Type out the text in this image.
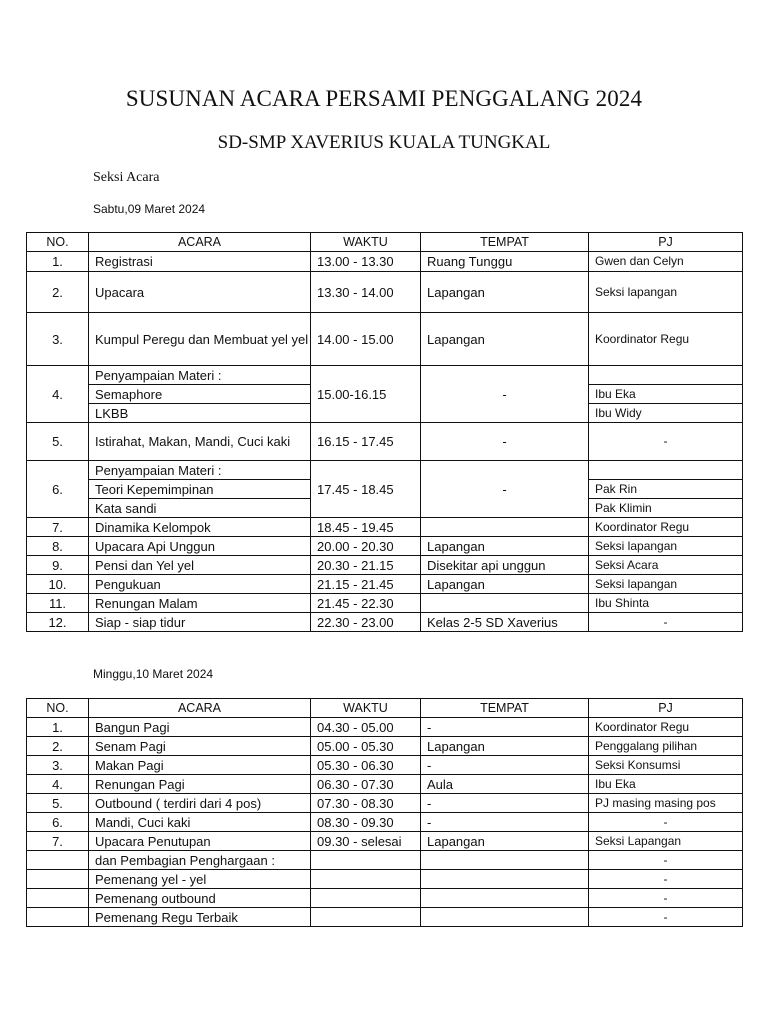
SUSUNAN ACARA PERSAMI PENGGALANG 2024
SD-SMP XAVERIUS KUALA TUNGKAL
Seksi Acara
Sabtu,09 Maret 2024
NO.	ACARA	WAKTU	TEMPAT	PJ
1.	Registrasi	13.00 - 13.30	Ruang Tunggu	Gwen dan Celyn
2.	Upacara	13.30 - 14.00	Lapangan	Seksi lapangan
3.	Kumpul Peregu dan Membuat yel yel	14.00 - 15.00	Lapangan	Koordinator Regu
4.	Penyampaian Materi :	15.00-16.15	-	
	Semaphore			Ibu Eka
	LKBB			Ibu Widy
5.	Istirahat, Makan, Mandi, Cuci kaki	16.15 - 17.45	-	-
6.	Penyampaian Materi :	17.45 - 18.45	-	
	Teori Kepemimpinan			Pak Rin
	Kata sandi			Pak Klimin
7.	Dinamika Kelompok	18.45 - 19.45		Koordinator Regu
8.	Upacara Api Unggun	20.00 - 20.30	Lapangan	Seksi lapangan
9.	Pensi dan Yel yel	20.30 - 21.15	Disekitar api unggun	Seksi Acara
10.	Pengukuan	21.15 - 21.45	Lapangan	Seksi lapangan
11.	Renungan Malam	21.45 - 22.30		Ibu Shinta
12.	Siap - siap tidur	22.30 - 23.00	Kelas 2-5 SD Xaverius	-
Minggu,10 Maret 2024
NO.	ACARA	WAKTU	TEMPAT	PJ
1.	Bangun Pagi	04.30 - 05.00	-	Koordinator Regu
2.	Senam Pagi	05.00 - 05.30	Lapangan	Penggalang pilihan
3.	Makan Pagi	05.30 - 06.30	-	Seksi Konsumsi
4.	Renungan Pagi	06.30 - 07.30	Aula	Ibu Eka
5.	Outbound ( terdiri dari 4 pos)	07.30 - 08.30	-	PJ masing masing pos
6.	Mandi, Cuci kaki	08.30 - 09.30	-	-
7.	Upacara Penutupan	09.30 - selesai	Lapangan	Seksi Lapangan
	dan Pembagian Penghargaan :			-
	Pemenang yel - yel			-
	Pemenang outbound			-
	Pemenang Regu Terbaik			-
